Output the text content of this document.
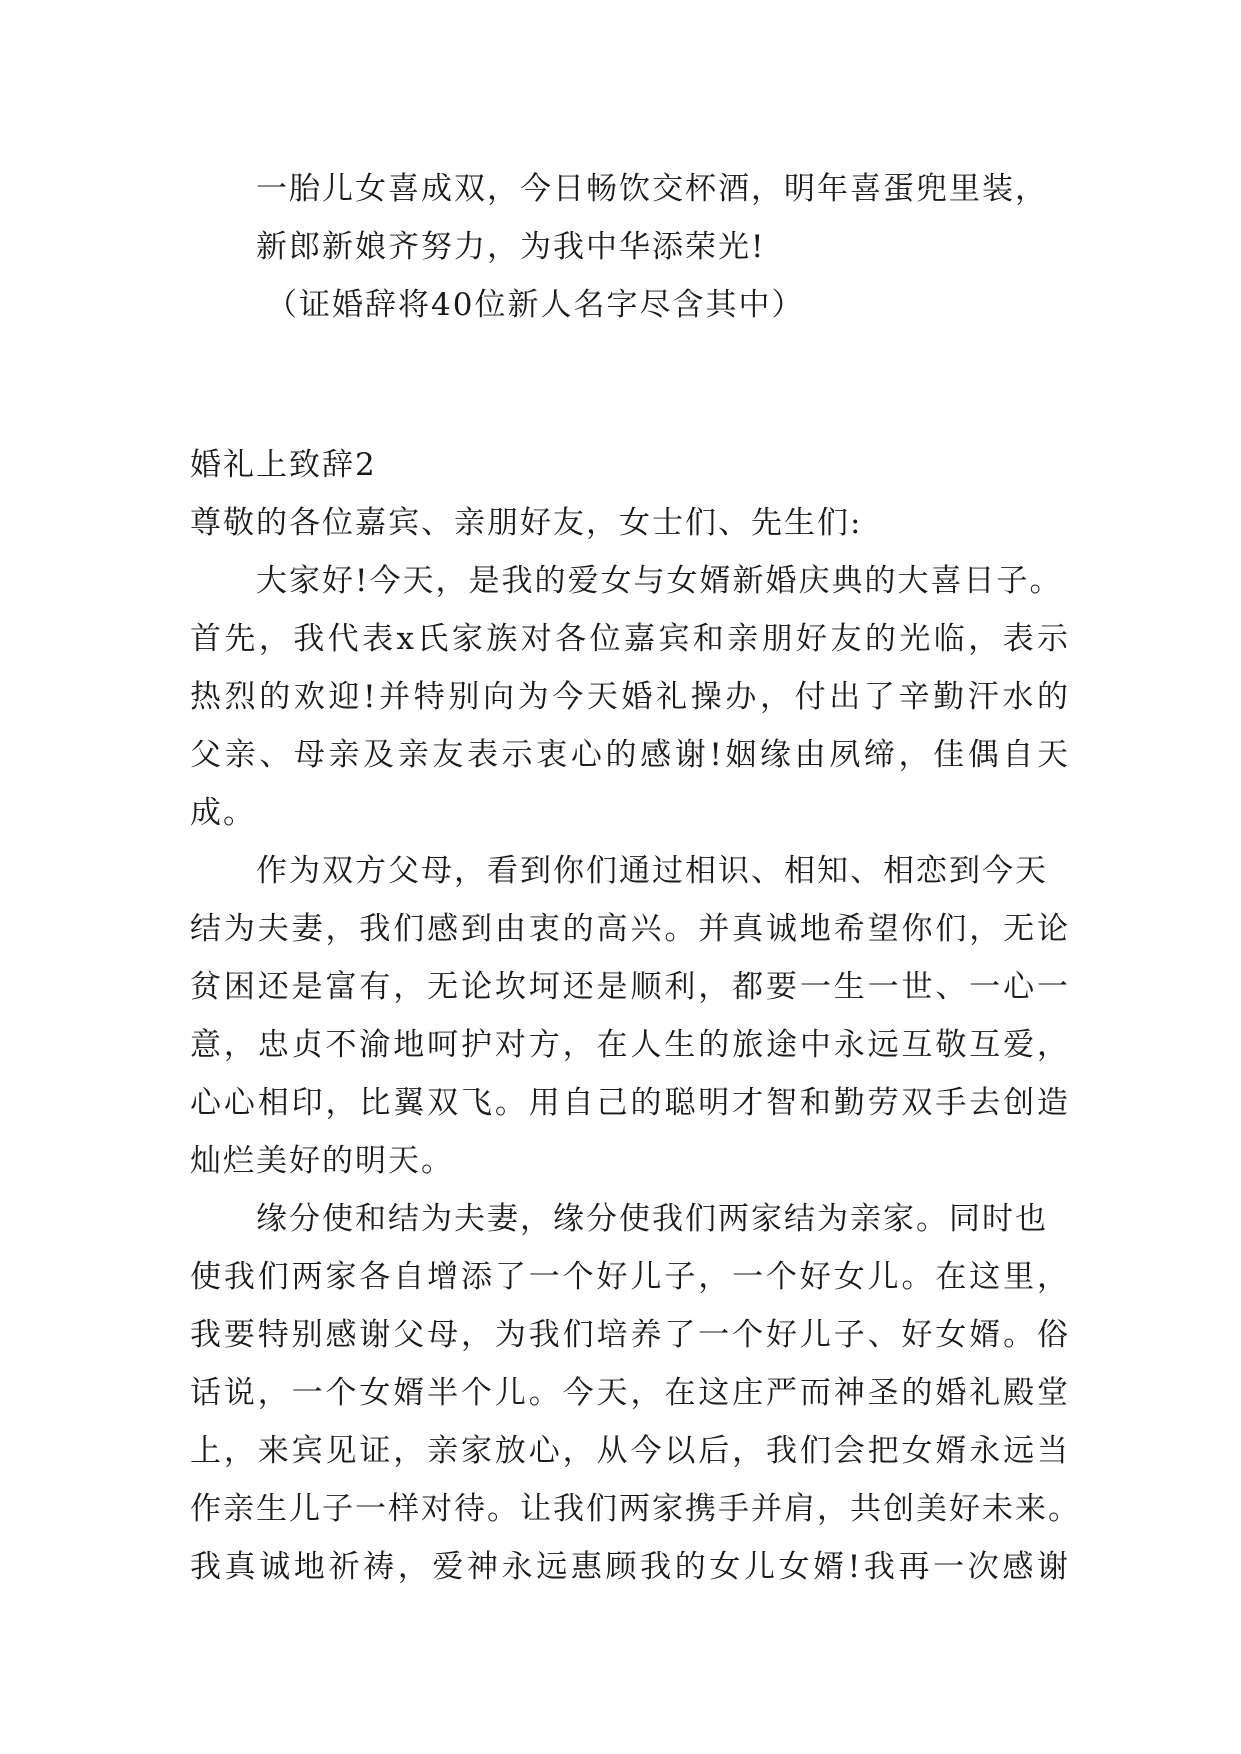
一胎儿女喜成双，今日畅饮交杯酒，明年喜蛋兜里装，
新郎新娘齐努力，为我中华添荣光!
（证婚辞将40位新人名字尽含其中）
婚礼上致辞2
尊敬的各位嘉宾、亲朋好友，女士们、先生们:
大家好!今天，是我的爱女与女婿新婚庆典的大喜日子。
首先，我代表x氏家族对各位嘉宾和亲朋好友的光临，表示
热烈的欢迎!并特别向为今天婚礼操办，付出了辛勤汗水的
父亲、母亲及亲友表示衷心的感谢!姻缘由夙缔，佳偶自天
成。
作为双方父母，看到你们通过相识、相知、相恋到今天
结为夫妻，我们感到由衷的高兴。并真诚地希望你们，无论
贫困还是富有，无论坎坷还是顺利，都要一生一世、一心一
意，忠贞不渝地呵护对方，在人生的旅途中永远互敬互爱，
心心相印，比翼双飞。用自己的聪明才智和勤劳双手去创造
灿烂美好的明天。
缘分使和结为夫妻，缘分使我们两家结为亲家。同时也
使我们两家各自增添了一个好儿子，一个好女儿。在这里，
我要特别感谢父母，为我们培养了一个好儿子、好女婿。俗
话说，一个女婿半个儿。今天，在这庄严而神圣的婚礼殿堂
上，来宾见证，亲家放心，从今以后，我们会把女婿永远当
作亲生儿子一样对待。让我们两家携手并肩，共创美好未来。
我真诚地祈祷，爱神永远惠顾我的女儿女婿!我再一次感谢
